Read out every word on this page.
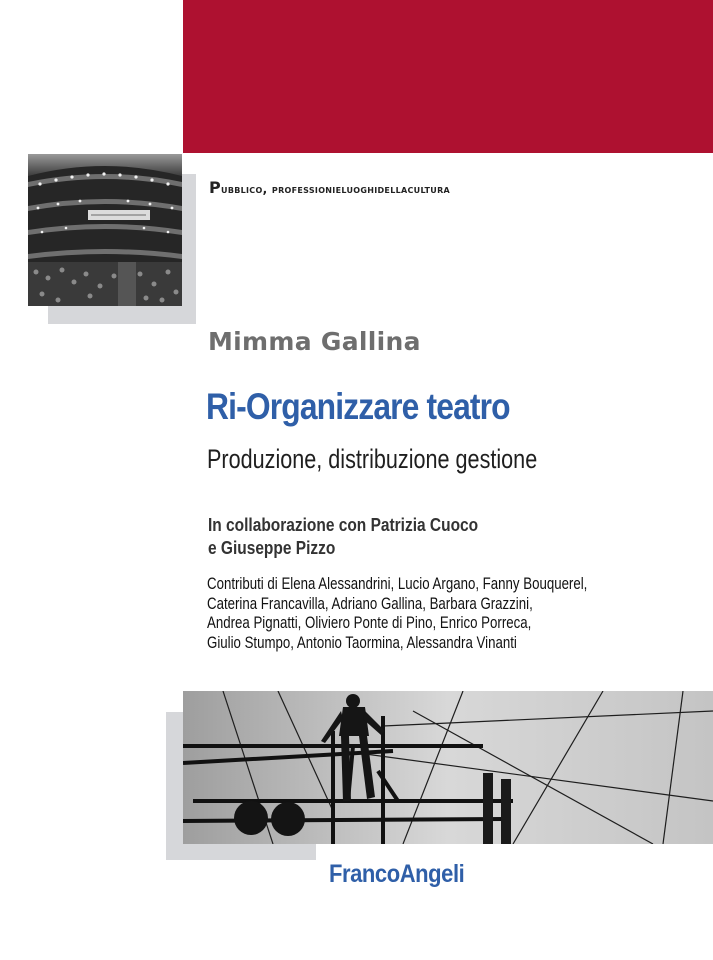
Pubblico, professionieluoghidellacultura
Mimma Gallina
Ri-Organizzare teatro
Produzione, distribuzione gestione
In collaborazione con Patrizia Cuoco
e Giuseppe Pizzo
Contributi di Elena Alessandrini, Lucio Argano, Fanny Bouquerel,
Caterina Francavilla, Adriano Gallina, Barbara Grazzini,
Andrea Pignatti, Oliviero Ponte di Pino, Enrico Porreca,
Giulio Stumpo, Antonio Taormina, Alessandra Vinanti
FrancoAngeli
